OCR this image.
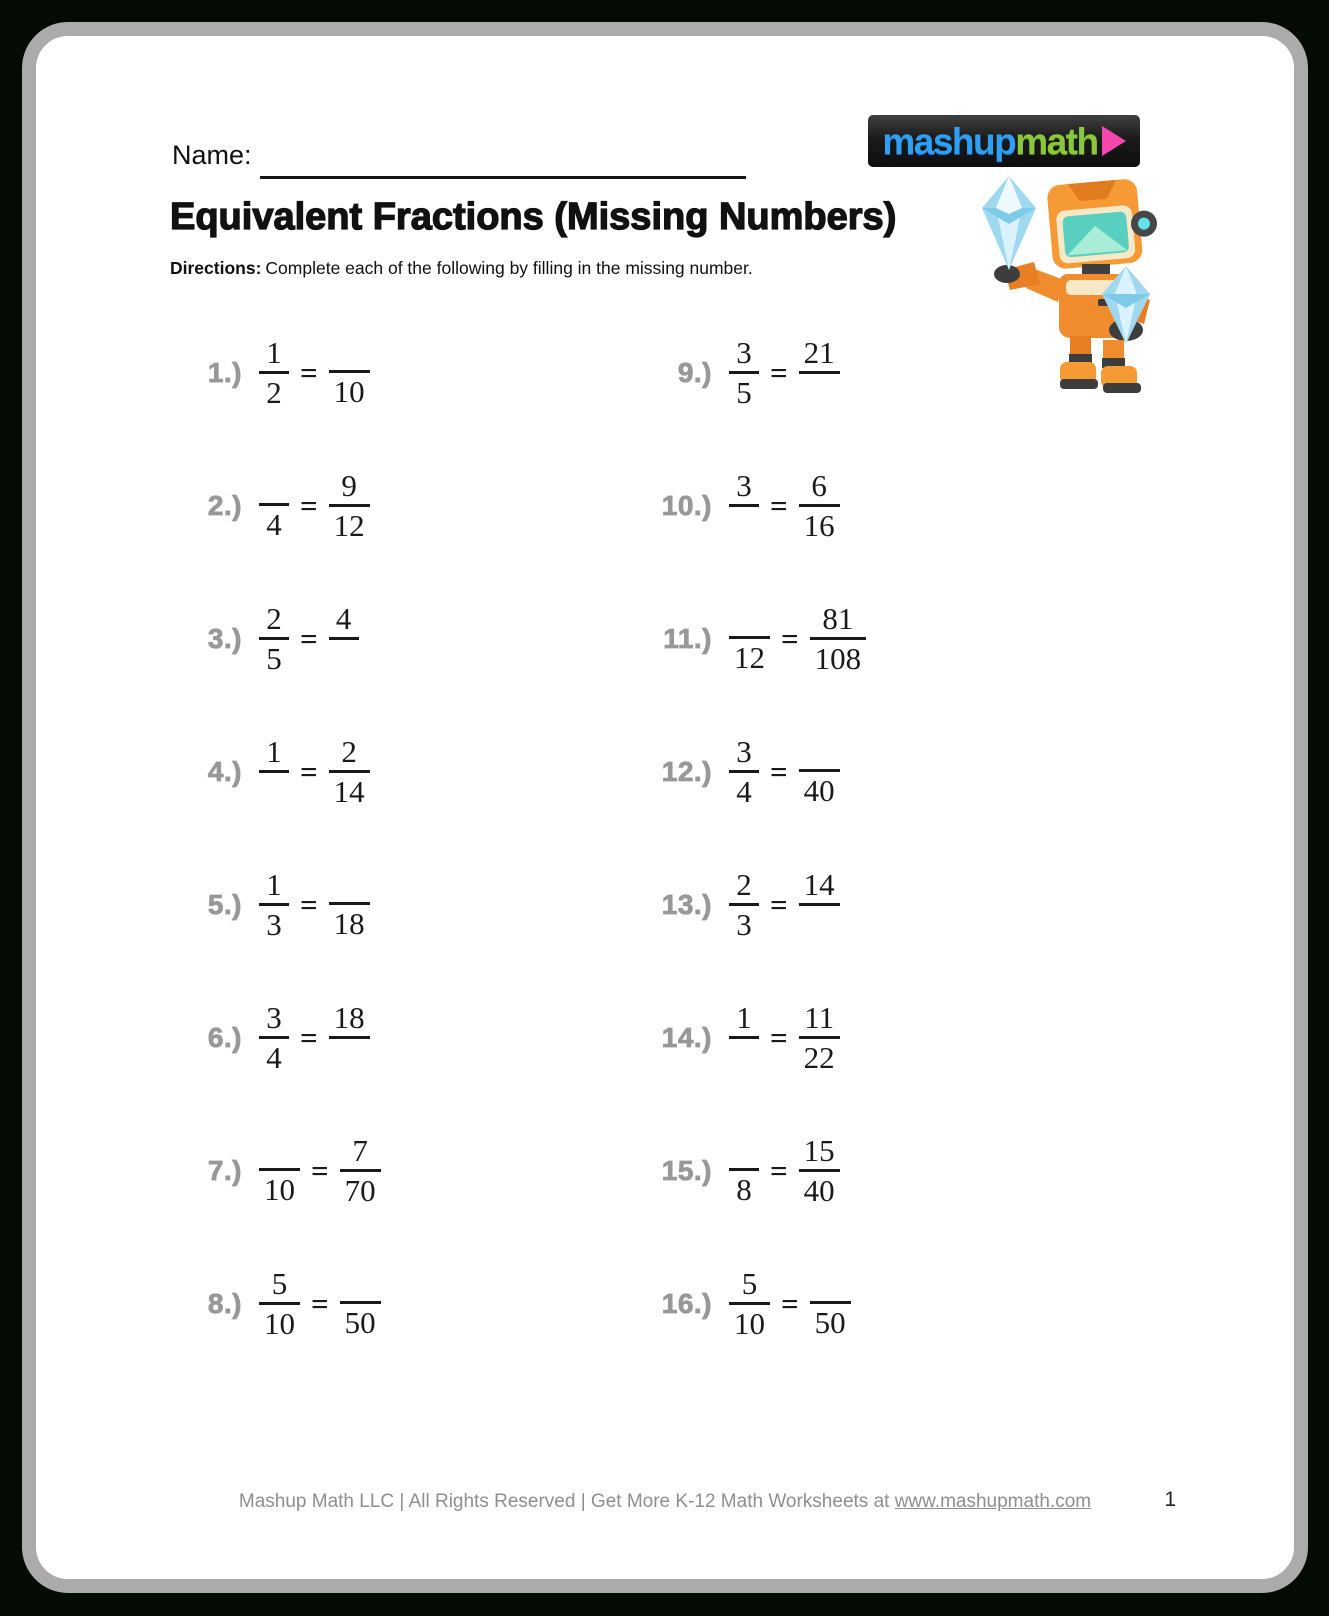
Name:	mashup math
Equivalent Fractions (Missing Numbers)

Directions: Complete each of the following by filling in the missing number.

$1.) \frac{1}{2}$ =
10
$9.) \frac{3}{5}$ =
21
2.)
4
= $\frac{9}{12}$	10.)
3
= $\frac{6}{16}$
$3.) \frac{2}{5}$ =
4
11.)
12
= $\frac{81}{108}$
4.)
1
= $\frac{2}{14}$	$12.) \frac{3}{4}$ =
40
$5.) \frac{1}{3}$ =
18
$13.) \frac{2}{3}$ =
14
$6.) \frac{3}{4}$ =
18
14.)
1
= $\frac{11}{22}$
7.)
10
= $\frac{7}{70}$	15.)
8
= $\frac{15}{40}$
$8.) \frac{5}{10}$ =
50
$16.) \frac{5}{10}$ =
50
Mashup Math LLC | All Rights Reserved | Get More K-12 Math Worksheets at www.mashupmath.com	1
